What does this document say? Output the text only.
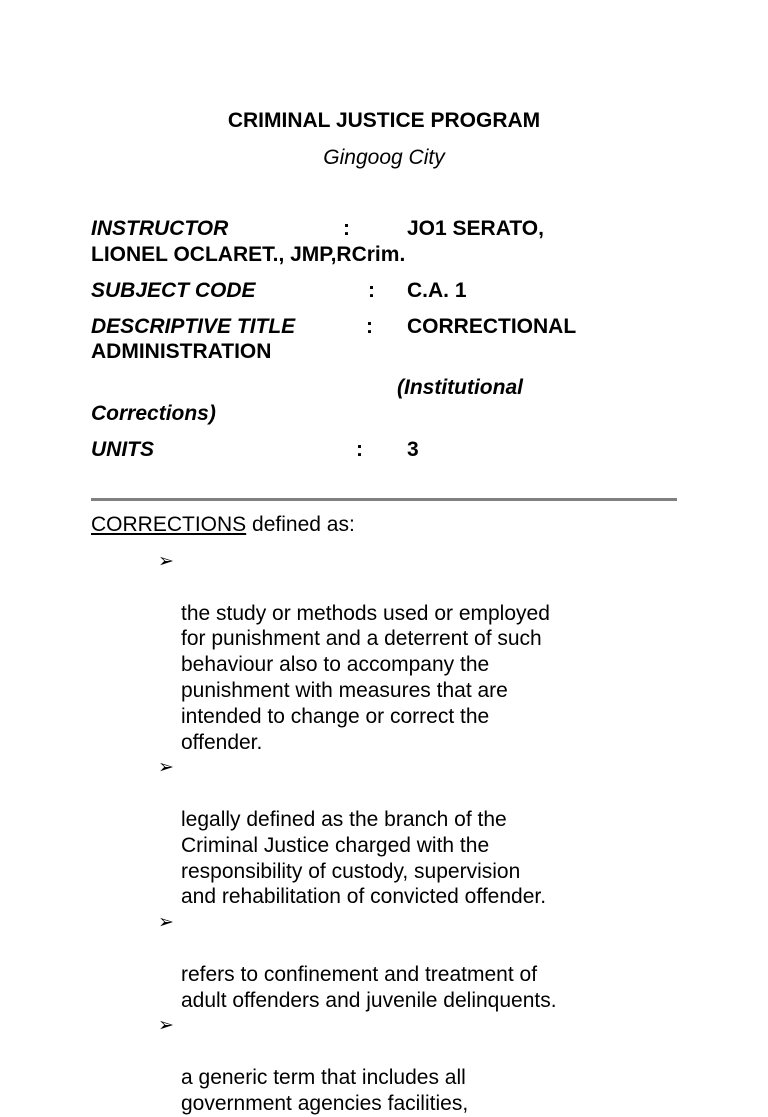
CRIMINAL JUSTICE PROGRAM
Gingoog City
INSTRUCTOR	:	JO1 SERATO,
LIONEL OCLARET., JMP,RCrim.
SUBJECT CODE	: C.A. 1
DESCRIPTIVE TITLE	: CORRECTIONAL
ADMINISTRATION
(Institutional
Corrections)
UNITS	: 3
CORRECTIONS defined as:

➢

the study or methods used or employed
for punishment and a deterrent of such
behaviour also to accompany the
punishment with measures that are
intended to change or correct the
offender.

➢

legally defined as the branch of the
Criminal Justice charged with the
responsibility of custody, supervision
and rehabilitation of convicted offender.

➢

refers to confinement and treatment of
adult offenders and juvenile delinquents.

➢

a generic term that includes all
government agencies facilities,
